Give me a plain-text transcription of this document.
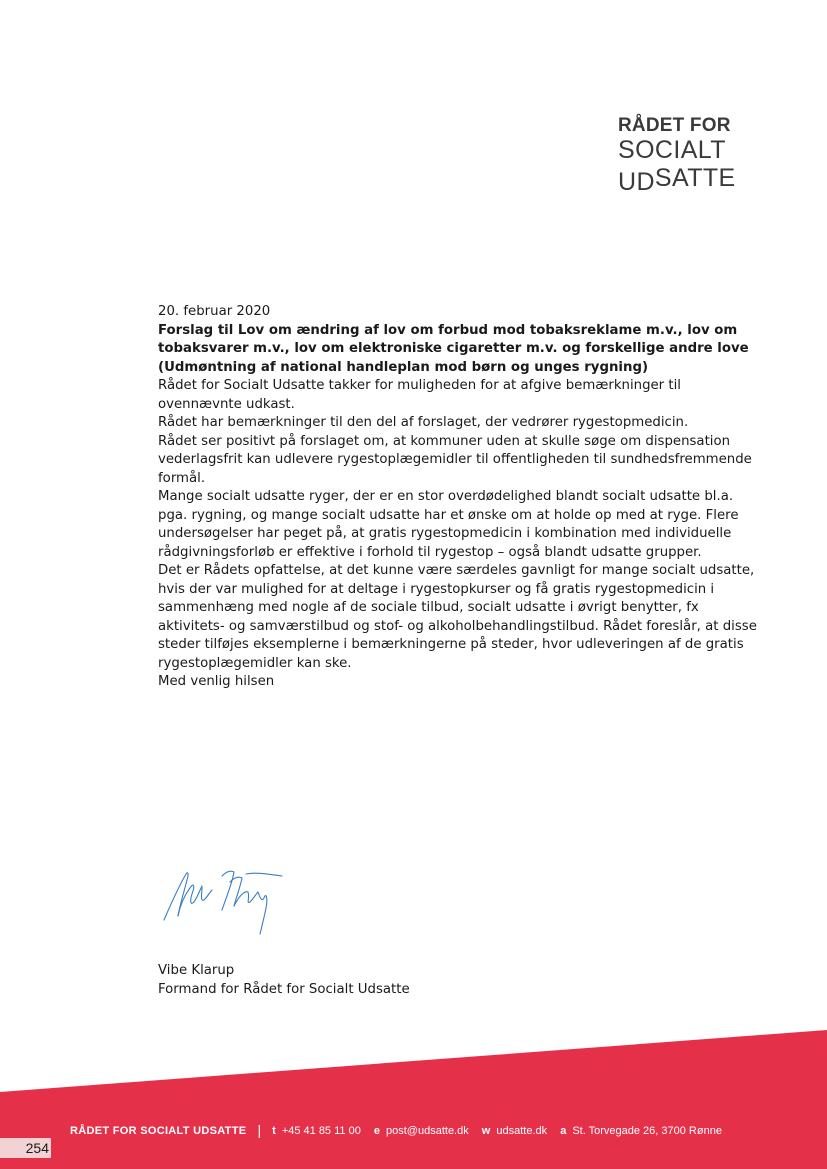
RÅDET FOR
SOCIALT
UDSATTE

20. februar 2020

Forslag til Lov om ændring af lov om forbud mod tobaksreklame m.v., lov om tobaksvarer m.v., lov om elektroniske cigaretter m.v. og forskellige andre love (Udmøntning af national handleplan mod børn og unges rygning)

Rådet for Socialt Udsatte takker for muligheden for at afgive bemærkninger til ovennævnte udkast.

Rådet har bemærkninger til den del af forslaget, der vedrører rygestopmedicin.

Rådet ser positivt på forslaget om, at kommuner uden at skulle søge om dispensation vederlagsfrit kan udlevere rygestoplægemidler til offentligheden til sundhedsfremmende formål.

Mange socialt udsatte ryger, der er en stor overdødelighed blandt socialt udsatte bl.a. pga. rygning, og mange socialt udsatte har et ønske om at holde op med at ryge. Flere undersøgelser har peget på, at gratis rygestopmedicin i kombination med individuelle rådgivningsforløb er effektive i forhold til rygestop – også blandt udsatte grupper.

Det er Rådets opfattelse, at det kunne være særdeles gavnligt for mange socialt udsatte, hvis der var mulighed for at deltage i rygestopkurser og få gratis rygestopmedicin i sammenhæng med nogle af de sociale tilbud, socialt udsatte i øvrigt benytter, fx aktivitets- og samværstilbud og stof- og alkoholbehandlingstilbud. Rådet foreslår, at disse steder tilføjes eksemplerne i bemærkningerne på steder, hvor udleveringen af de gratis rygestoplægemidler kan ske.

Med venlig hilsen

Vibe Klarup

Formand for Rådet for Socialt Udsatte

RÅDET FOR SOCIALT UDSATTE | t +45 41 85 11 00 e post@udsatte.dk w udsatte.dk a St. Torvegade 26, 3700 Rønne
254
